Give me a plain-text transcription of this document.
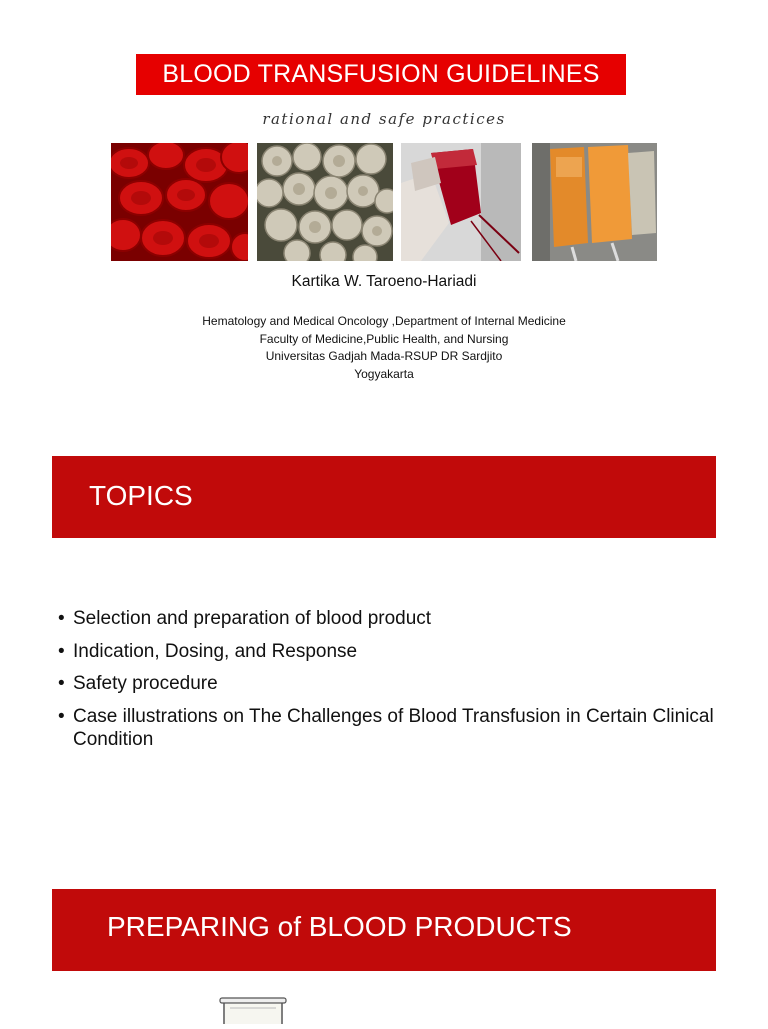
BLOOD TRANSFUSION GUIDELINES
rational and safe practices
Kartika W. Taroeno-Hariadi
Hematology and Medical Oncology ,Department of Internal Medicine
Faculty of Medicine,Public Health, and Nursing
Universitas Gadjah Mada-RSUP DR Sardjito
Yogyakarta
TOPICS
• Selection and preparation of blood product
• Indication, Dosing, and Response
• Safety procedure
• Case illustrations on The Challenges of Blood Transfusion in Certain Clinical Condition
PREPARING of BLOOD PRODUCTS
